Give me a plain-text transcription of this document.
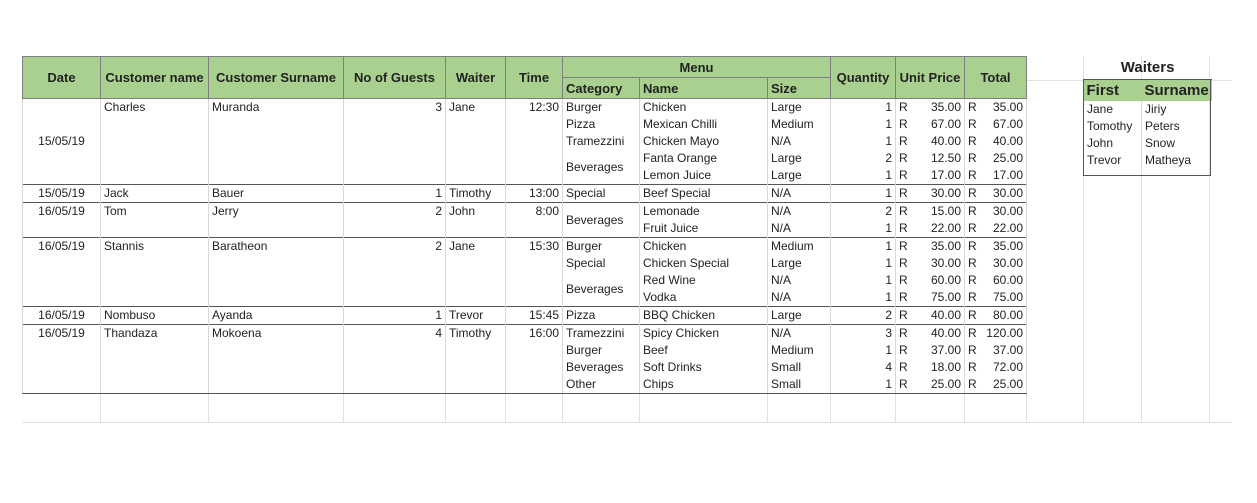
Date	Customer name	Customer Surname	No of Guests	Waiter	Time	Menu			Quantity	Unit Price	Total
						Category	Name	Size			
15/05/19	Charles	Muranda	3	Jane	12:30	Burger	Chicken	Large	1	R 35.00	R 35.00

						Pizza	Mexican Chilli	Medium	1	R 67.00	R 67.00

						Tramezzini	Chicken Mayo	N/A	1	R 40.00	R 40.00

						Beverages	Fanta Orange	Large	2	R 12.50	R 25.00

							Lemon Juice	Large	1	R 17.00	R 17.00

15/05/19	Jack	Bauer	1	Timothy	13:00	Special	Beef Special	N/A	1	R 30.00	R 30.00

16/05/19	Tom	Jerry	2	John	8:00	Beverages	Lemonade	N/A	2	R 15.00	R 30.00

							Fruit Juice	N/A	1	R 22.00	R 22.00

16/05/19	Stannis	Baratheon	2	Jane	15:30	Burger	Chicken	Medium	1	R 35.00	R 35.00

						Special	Chicken Special	Large	1	R 30.00	R 30.00

						Beverages	Red Wine	N/A	1	R 60.00	R 60.00

							Vodka	N/A	1	R 75.00	R 75.00

16/05/19	Nombuso	Ayanda	1	Trevor	15:45	Pizza	BBQ Chicken	Large	2	R 40.00	R 80.00

16/05/19	Thandaza	Mokoena	4	Timothy	16:00	Tramezzini	Spicy Chicken	N/A	3	R 40.00	R 120.00

						Burger	Beef	Medium	1	R 37.00	R 37.00

						Beverages	Soft Drinks	Small	4	R 18.00	R 72.00

						Other	Chips	Small	1	R 25.00	R 25.00
Waiters	
First	Surname
Jane	Jiriy
Tomothy	Peters
John	Snow
Trevor	Matheya
